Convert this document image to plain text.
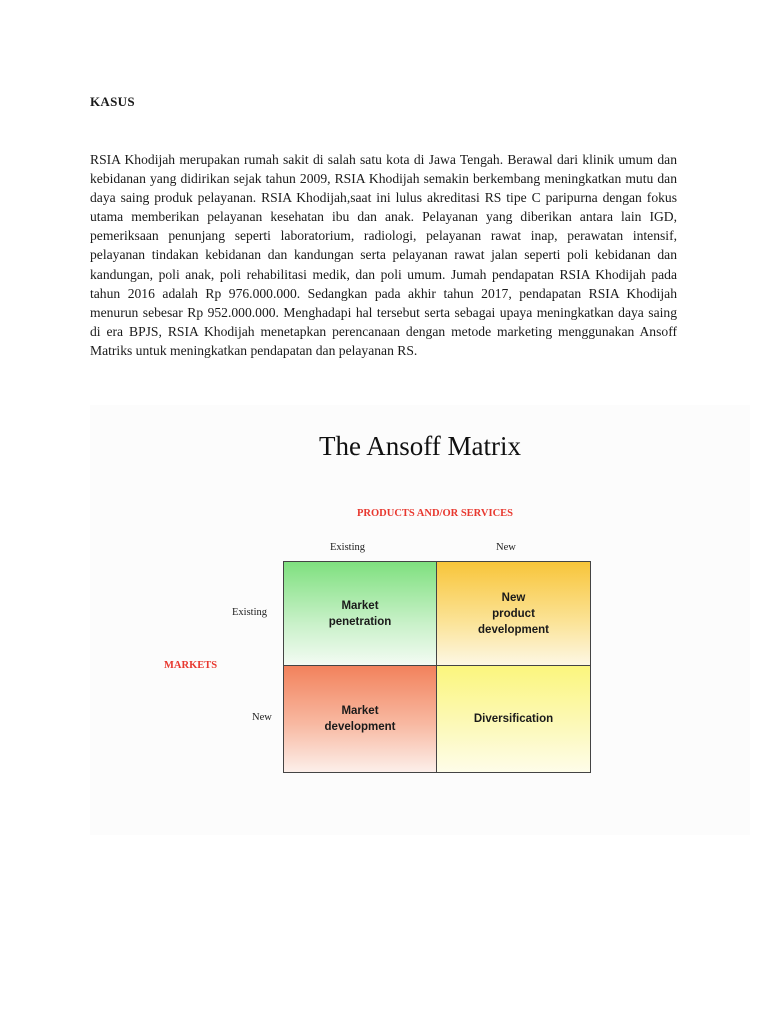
KASUS

RSIA Khodijah merupakan rumah sakit di salah satu kota di Jawa Tengah. Berawal dari klinik umum dan kebidanan yang didirikan sejak tahun 2009, RSIA Khodijah semakin berkembang meningkatkan mutu dan daya saing produk pelayanan. RSIA Khodijah,saat ini lulus akreditasi RS tipe C paripurna dengan fokus utama memberikan pelayanan kesehatan ibu dan anak. Pelayanan yang diberikan antara lain IGD, pemeriksaan penunjang seperti laboratorium, radiologi, pelayanan rawat inap, perawatan intensif, pelayanan tindakan kebidanan dan kandungan serta pelayanan rawat jalan seperti poli kebidanan dan kandungan, poli anak, poli rehabilitasi medik, dan poli umum. Jumah pendapatan RSIA Khodijah pada tahun 2016 adalah Rp 976.000.000. Sedangkan pada akhir tahun 2017, pendapatan RSIA Khodijah menurun sebesar Rp 952.000.000. Menghadapi hal tersebut serta sebagai upaya meningkatkan daya saing di era BPJS, RSIA Khodijah menetapkan perencanaan dengan metode marketing menggunakan Ansoff Matriks untuk meningkatkan pendapatan dan pelayanan RS.

The Ansoff Matrix
PRODUCTS AND/OR SERVICES
Existing	New
Existing
New
MARKETS
Market
penetration
New
product
development
Market
development
Diversification
